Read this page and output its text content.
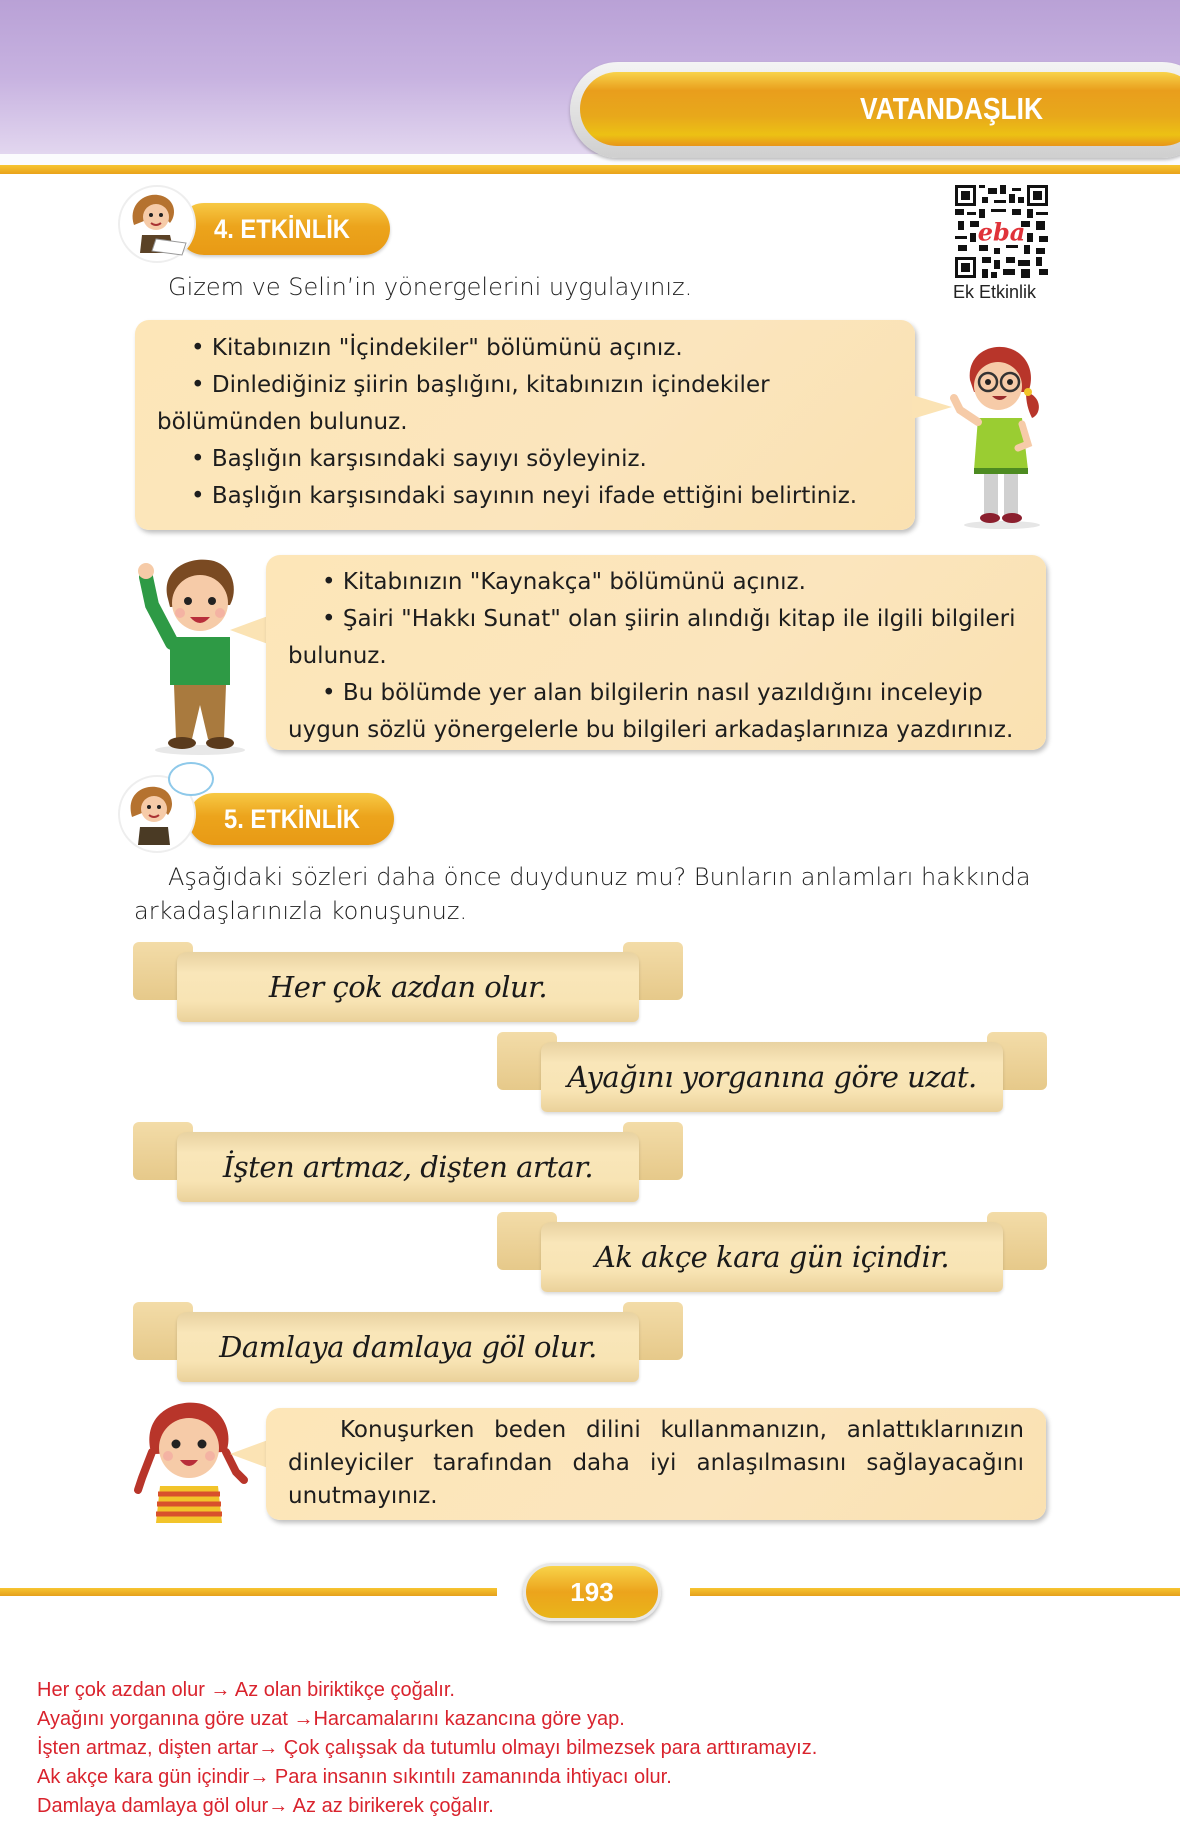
VATANDAŞLIK
eba
Ek Etkinlik
4. ETKİNLİK
Gizem ve Selin’in yönergelerini uygulayınız.

• Kitabınızın "İçindekiler" bölümünü açınız.

• Dinlediğiniz şiirin başlığını, kitabınızın içindekiler bölümünden bulunuz.

• Başlığın karşısındaki sayıyı söyleyiniz.

• Başlığın karşısındaki sayının neyi ifade ettiğini belirtiniz.

• Kitabınızın "Kaynakça" bölümünü açınız.

• Şairi "Hakkı Sunat" olan şiirin alındığı kitap ile ilgili bilgileri bulunuz.

• Bu bölümde yer alan bilgilerin nasıl yazıldığını inceleyip uygun sözlü yönergelerle bu bilgileri arkadaşlarınıza yazdırınız.

5. ETKİNLİK
Aşağıdaki sözleri daha önce duydunuz mu? Bunların anlamları hakkında arkadaşlarınızla konuşunuz.
Her çok azdan olur.
Ayağını yorganına göre uzat.
İşten artmaz, dişten artar.
Ak akçe kara gün içindir.
Damlaya damlaya göl olur.
Konuşurken beden dilini kullanmanızın, anlattıklarınızın dinleyiciler tarafından daha iyi anlaşılmasını sağlayacağını unutmayınız.
193
Her çok azdan olur → Az olan biriktikçe çoğalır.
Ayağını yorganına göre uzat →Harcamalarını kazancına göre yap.
İşten artmaz, dişten artar→ Çok çalışsak da tutumlu olmayı bilmezsek para arttıramayız.
Ak akçe kara gün içindir→ Para insanın sıkıntılı zamanında ihtiyacı olur.
Damlaya damlaya göl olur→ Az az birikerek çoğalır.
